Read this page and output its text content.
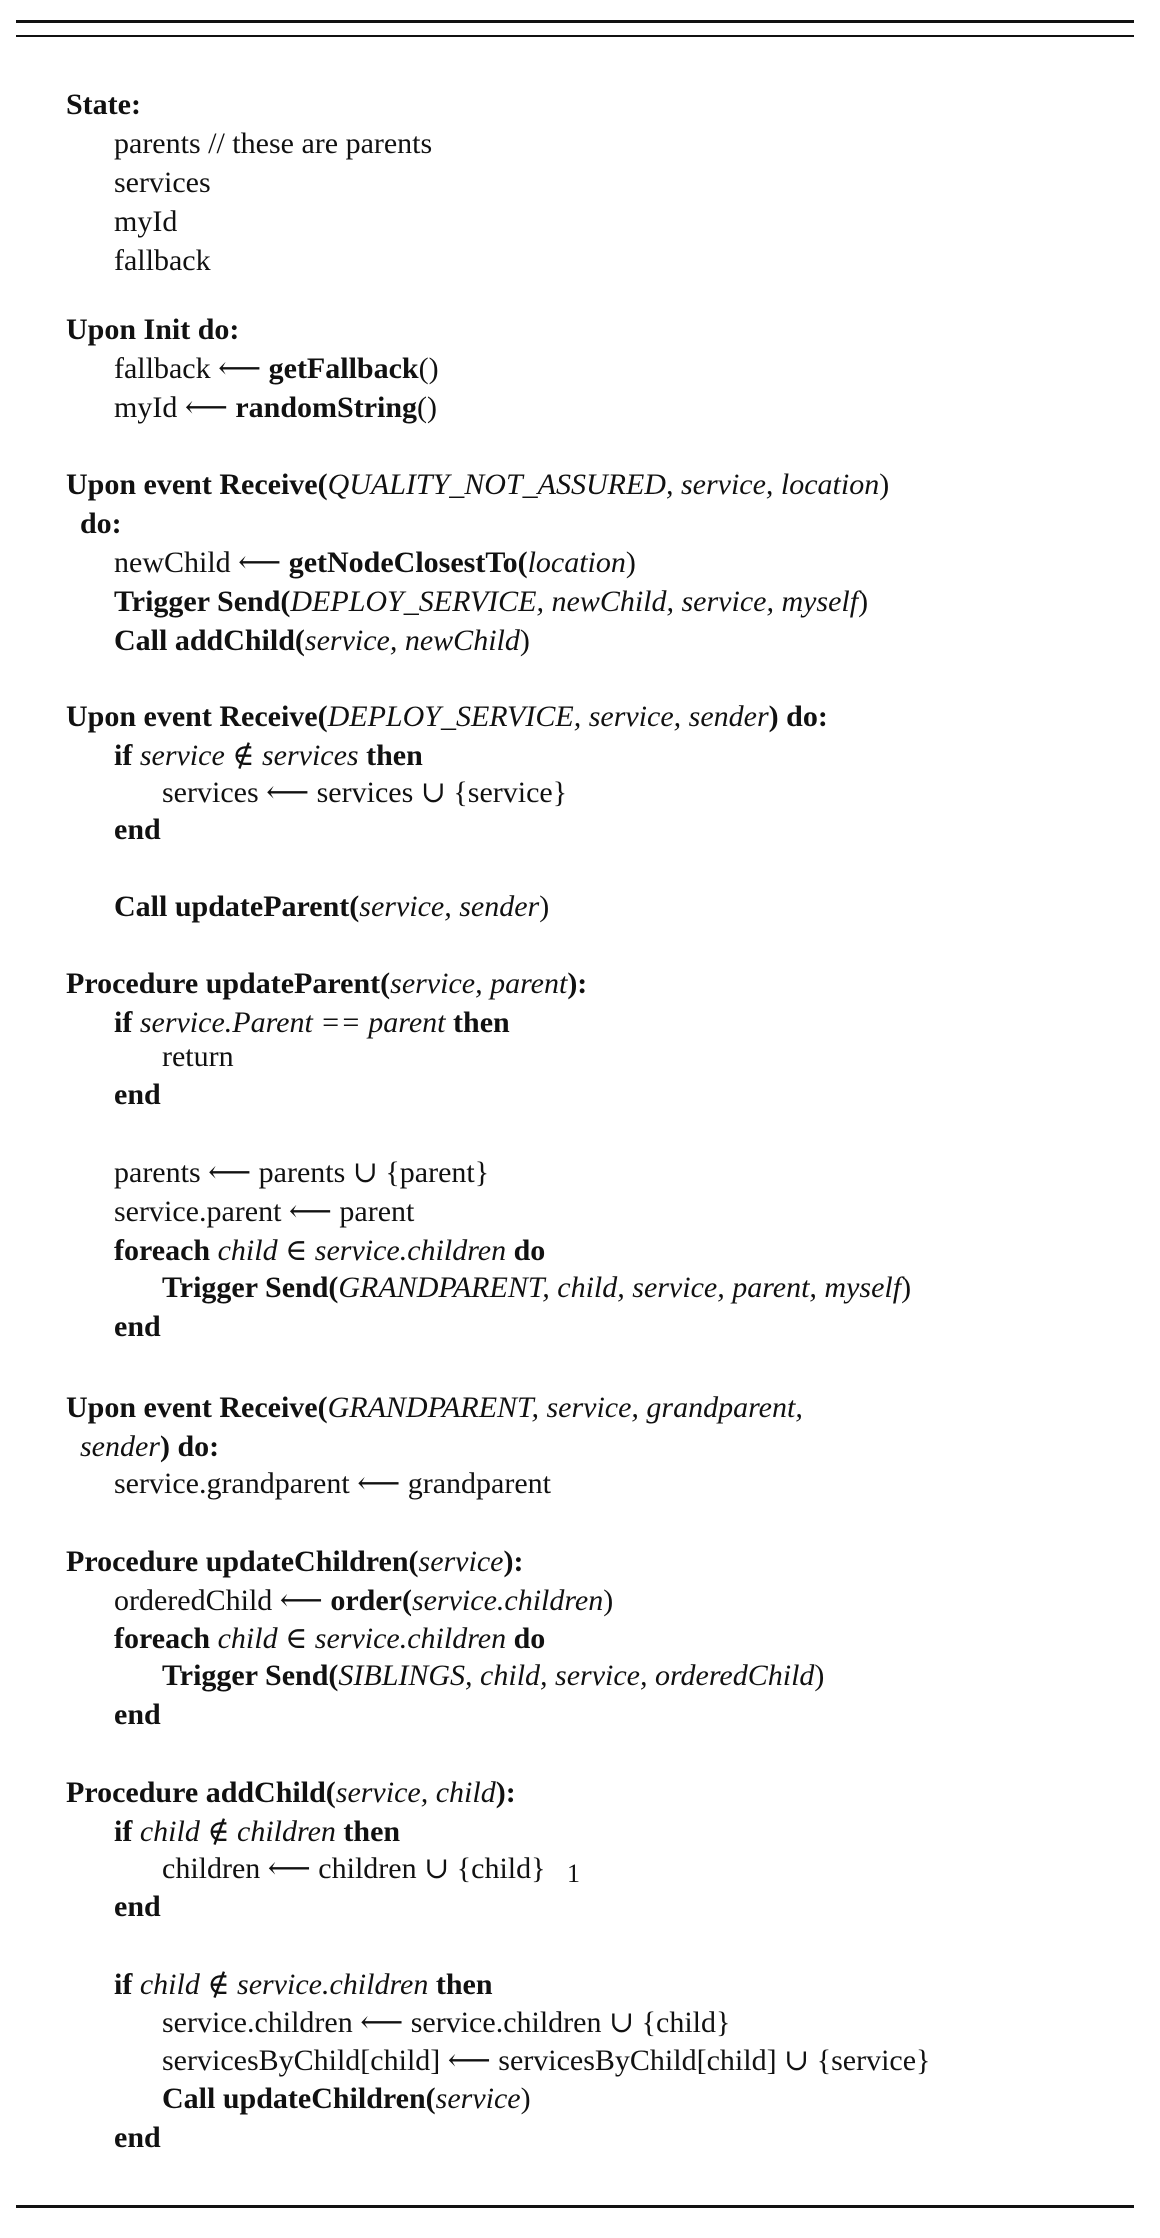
State:
parents // these are parents
services
myId
fallback
Upon Init do:
fallback ⟵ getFallback()
myId ⟵ randomString()
Upon event Receive(QUALITY_NOT_ASSURED, service, location)
do:
newChild ⟵ getNodeClosestTo(location)
Trigger Send(DEPLOY_SERVICE, newChild, service, myself)
Call addChild(service, newChild)
Upon event Receive(DEPLOY_SERVICE, service, sender) do:
if service ∉ services then
services ⟵ services ∪ {service}
end
Call updateParent(service, sender)
Procedure updateParent(service, parent):
if service.Parent == parent then
return
end
parents ⟵ parents ∪ {parent}
service.parent ⟵ parent
foreach child ∈ service.children do
Trigger Send(GRANDPARENT, child, service, parent, myself)
end
Upon event Receive(GRANDPARENT, service, grandparent,
sender) do:
service.grandparent ⟵ grandparent
Procedure updateChildren(service):
orderedChild ⟵ order(service.children)
foreach child ∈ service.children do
Trigger Send(SIBLINGS, child, service, orderedChild)
end
Procedure addChild(service, child):
if child ∉ children then
children ⟵ children ∪ {child} 1
end
if child ∉ service.children then
service.children ⟵ service.children ∪ {child}
servicesByChild[child] ⟵ servicesByChild[child] ∪ {service}
Call updateChildren(service)
end
